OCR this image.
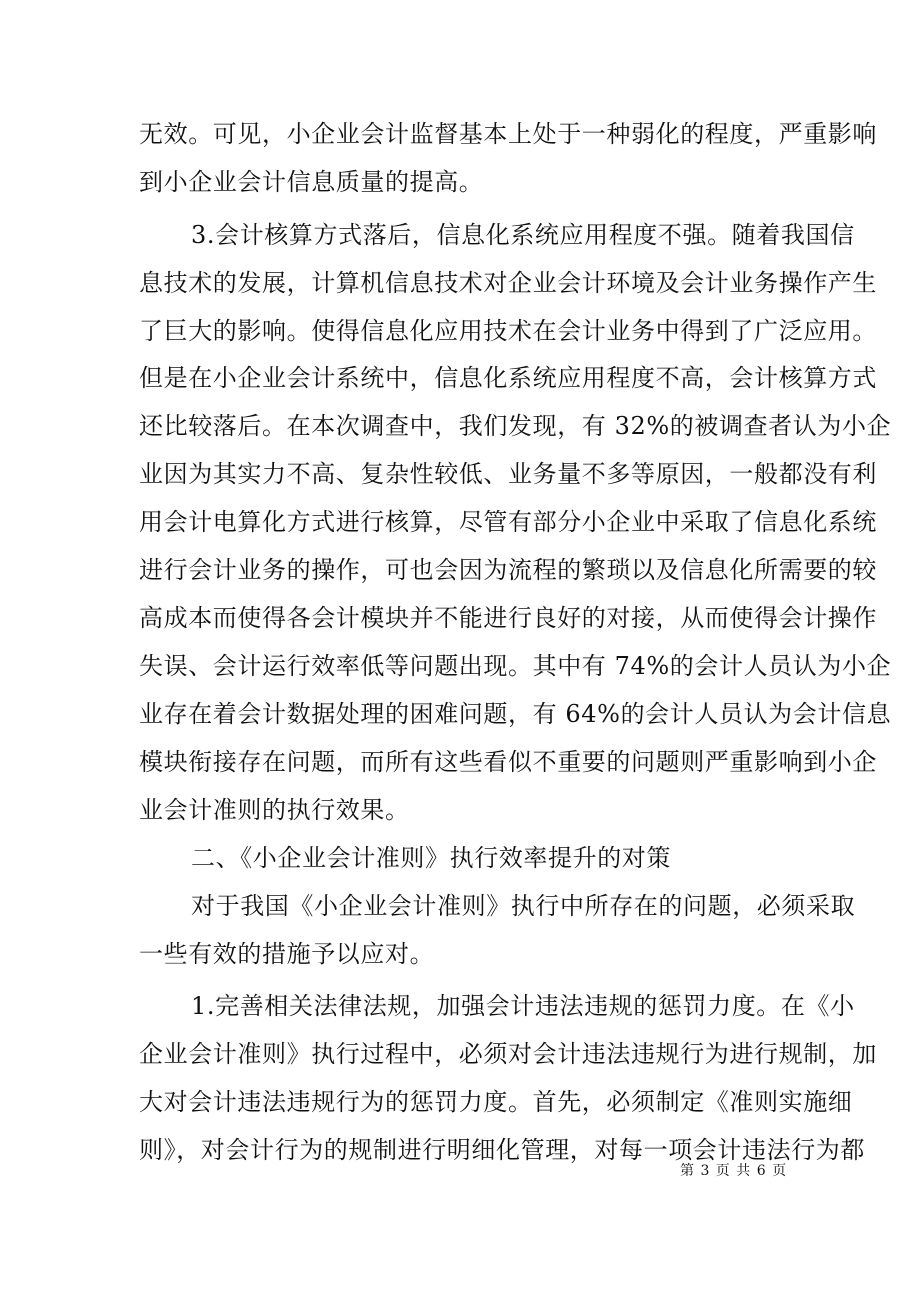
无效。可见，小企业会计监督基本上处于一种弱化的程度，严重影响
到小企业会计信息质量的提高。
3.会计核算方式落后，信息化系统应用程度不强。随着我国信
息技术的发展，计算机信息技术对企业会计环境及会计业务操作产生
了巨大的影响。使得信息化应用技术在会计业务中得到了广泛应用。
但是在小企业会计系统中，信息化系统应用程度不高，会计核算方式
还比较落后。在本次调查中，我们发现，有 32%的被调查者认为小企
业因为其实力不高、复杂性较低、业务量不多等原因，一般都没有利
用会计电算化方式进行核算，尽管有部分小企业中采取了信息化系统
进行会计业务的操作，可也会因为流程的繁琐以及信息化所需要的较
高成本而使得各会计模块并不能进行良好的对接，从而使得会计操作
失误、会计运行效率低等问题出现。其中有 74%的会计人员认为小企
业存在着会计数据处理的困难问题，有 64%的会计人员认为会计信息
模块衔接存在问题，而所有这些看似不重要的问题则严重影响到小企
业会计准则的执行效果。
二、《小企业会计准则》执行效率提升的对策
对于我国《小企业会计准则》执行中所存在的问题，必须采取
一些有效的措施予以应对。
1.完善相关法律法规，加强会计违法违规的惩罚力度。在《小
企业会计准则》执行过程中，必须对会计违法违规行为进行规制，加
大对会计违法违规行为的惩罚力度。首先，必须制定《准则实施细
则》，对会计行为的规制进行明细化管理，对每一项会计违法行为都
第 3 页 共 6 页
